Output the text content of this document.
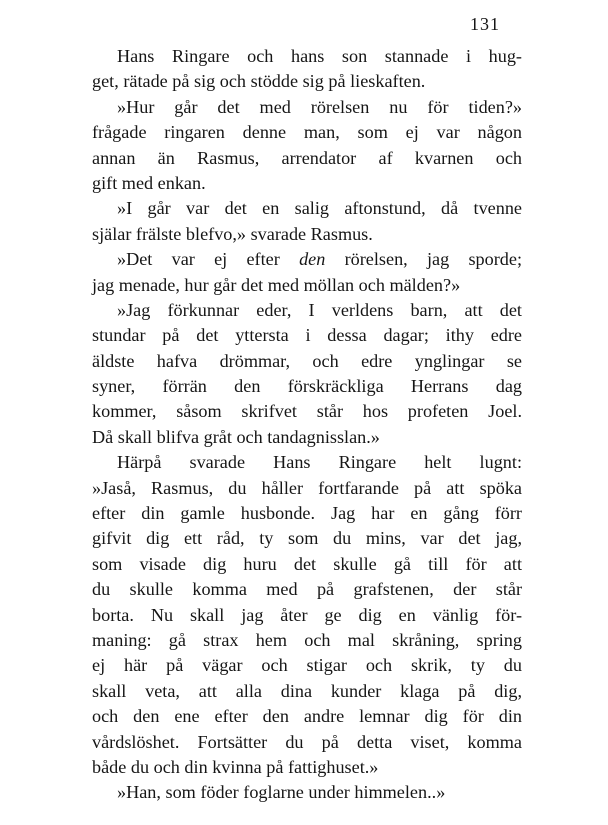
131
Hans Ringare och hans son stannade i hug-
get, rätade på sig och stödde sig på lieskaften.
»Hur går det med rörelsen nu för tiden?»
frågade ringaren denne man, som ej var någon
annan än Rasmus, arrendator af kvarnen och
gift med enkan.
»I går var det en salig aftonstund, då tvenne
själar frälste blefvo,» svarade Rasmus.
»Det var ej efter den rörelsen, jag sporde;
jag menade, hur går det med möllan och mälden?»
»Jag förkunnar eder, I verldens barn, att det
stundar på det yttersta i dessa dagar; ithy edre
äldste hafva drömmar, och edre ynglingar se
syner, förrän den förskräckliga Herrans dag
kommer, såsom skrifvet står hos profeten Joel.
Då skall blifva gråt och tandagnisslan.»
Härpå svarade Hans Ringare helt lugnt:
»Jaså, Rasmus, du håller fortfarande på att spöka
efter din gamle husbonde. Jag har en gång förr
gifvit dig ett råd, ty som du mins, var det jag,
som visade dig huru det skulle gå till för att
du skulle komma med på grafstenen, der står
borta. Nu skall jag åter ge dig en vänlig för-
maning: gå strax hem och mal skråning, spring
ej här på vägar och stigar och skrik, ty du
skall veta, att alla dina kunder klaga på dig,
och den ene efter den andre lemnar dig för din
vårdslöshet. Fortsätter du på detta viset, komma
både du och din kvinna på fattighuset.»
»Han, som föder foglarne under himmelen..»
